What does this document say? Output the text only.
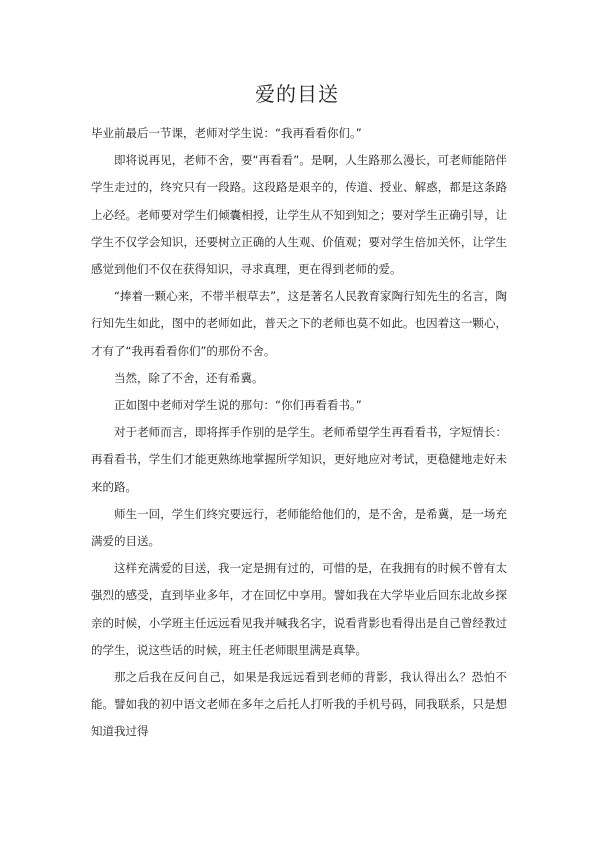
爱的目送

毕业前最后一节课，老师对学生说：“我再看看你们。”

即将说再见，老师不舍，要“再看看”。是啊，人生路那么漫长，可老师能陪伴学生走过的，终究只有一段路。这段路是艰辛的，传道、授业、解惑，都是这条路上必经。老师要对学生们倾囊相授，让学生从不知到知之；要对学生正确引导，让学生不仅学会知识，还要树立正确的人生观、价值观；要对学生倍加关怀，让学生感觉到他们不仅在获得知识，寻求真理，更在得到老师的爱。

“捧着一颗心来，不带半根草去”，这是著名人民教育家陶行知先生的名言，陶行知先生如此，图中的老师如此，普天之下的老师也莫不如此。也因着这一颗心，才有了“我再看看你们”的那份不舍。

当然，除了不舍，还有希冀。

正如图中老师对学生说的那句：“你们再看看书。”

对于老师而言，即将挥手作别的是学生。老师希望学生再看看书，字短情长：再看看书，学生们才能更熟练地掌握所学知识，更好地应对考试，更稳健地走好未来的路。

师生一回，学生们终究要远行，老师能给他们的，是不舍，是希冀，是一场充满爱的目送。

这样充满爱的目送，我一定是拥有过的，可惜的是，在我拥有的时候不曾有太强烈的感受，直到毕业多年，才在回忆中享用。譬如我在大学毕业后回东北故乡探亲的时候，小学班主任远远看见我并喊我名字，说看背影也看得出是自己曾经教过的学生，说这些话的时候，班主任老师眼里满是真挚。

那之后我在反问自己，如果是我远远看到老师的背影，我认得出么？恐怕不能。譬如我的初中语文老师在多年之后托人打听我的手机号码，同我联系，只是想知道我过得
